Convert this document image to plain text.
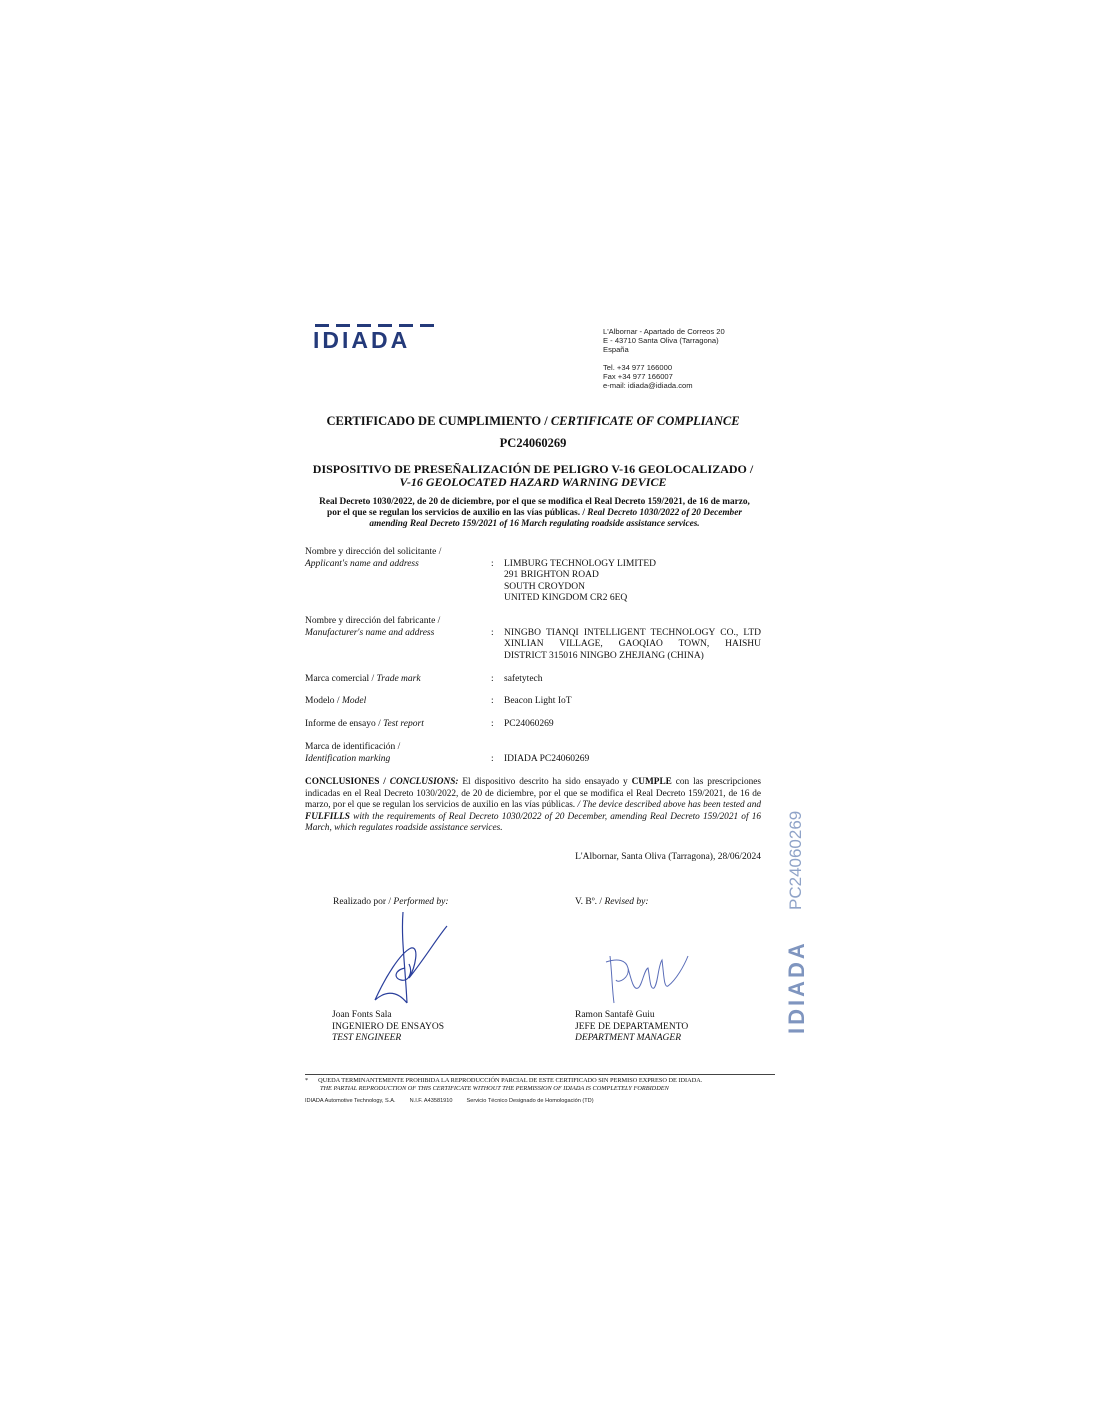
IDIADA	L'Albornar - Apartado de Correos 20
E - 43710 Santa Oliva (Tarragona)
España
Tel. +34 977 166000
Fax +34 977 166007
e-mail: idiada@idiada.com
CERTIFICADO DE CUMPLIMIENTO / CERTIFICATE OF COMPLIANCE
PC24060269
DISPOSITIVO DE PRESEÑALIZACIÓN DE PELIGRO V-16 GEOLOCALIZADO /
V-16 GEOLOCATED HAZARD WARNING DEVICE
Real Decreto 1030/2022, de 20 de diciembre, por el que se modifica el Real Decreto 159/2021, de 16 de marzo, por el que se regulan los servicios de auxilio en las vías públicas. / Real Decreto 1030/2022 of 20 December amending Real Decreto 159/2021 of 16 March regulating roadside assistance services.
Nombre y dirección del solicitante /
Applicant's name and address	: LIMBURG TECHNOLOGY LIMITED
291 BRIGHTON ROAD
SOUTH CROYDON
UNITED KINGDOM CR2 6EQ
Nombre y dirección del fabricante /
Manufacturer's name and address	: NINGBO TIANQI INTELLIGENT TECHNOLOGY CO., LTD
XINLIAN VILLAGE, GAOQIAO TOWN, HAISHU
DISTRICT 315016 NINGBO ZHEJIANG (CHINA)
Marca comercial / Trade mark	: safetytech
Modelo / Model	: Beacon Light IoT
Informe de ensayo / Test report	: PC24060269
Marca de identificación /
Identification marking	: IDIADA PC24060269
CONCLUSIONES / CONCLUSIONS: El dispositivo descrito ha sido ensayado y CUMPLE con las prescripciones indicadas en el Real Decreto 1030/2022, de 20 de diciembre, por el que se modifica el Real Decreto 159/2021, de 16 de marzo, por el que se regulan los servicios de auxilio en las vías públicas. / The device described above has been tested and FULFILLS with the requirements of Real Decreto 1030/2022 of 20 December, amending Real Decreto 159/2021 of 16 March, which regulates roadside assistance services.
L'Albornar, Santa Oliva (Tarragona), 28/06/2024
Realizado por / Performed by:
Joan Fonts Sala
INGENIERO DE ENSAYOS
TEST ENGINEER
V. Bº. / Revised by:
Ramon Santafè Guiu
JEFE DE DEPARTAMENTO
DEPARTMENT MANAGER
PC24060269
IDIADA
* QUEDA TERMINANTEMENTE PROHIBIDA LA REPRODUCCIÓN PARCIAL DE ESTE CERTIFICADO SIN PERMISO EXPRESO DE IDIADA.
THE PARTIAL REPRODUCTION OF THIS CERTIFICATE WITHOUT THE PERMISSION OF IDIADA IS COMPLETELY FORBIDDEN
IDIADA Automotive Technology, S.A.	N.I.F. A43581910	Servicio Técnico Designado de Homologación (TD)
